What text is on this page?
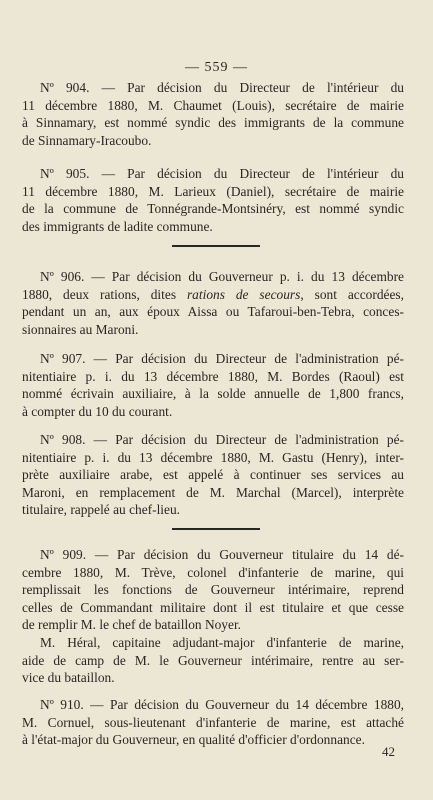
— 559 —
Nº 904. — Par décision du Directeur de l'intérieur du
11 décembre 1880, M. Chaumet (Louis), secrétaire de mairie
à Sinnamary, est nommé syndic des immigrants de la commune
de Sinnamary-Iracoubo.
Nº 905. — Par décision du Directeur de l'intérieur du
11 décembre 1880, M. Larieux (Daniel), secrétaire de mairie
de la commune de Tonnégrande-Montsinéry, est nommé syndic
des immigrants de ladite commune.
Nº 906. — Par décision du Gouverneur p. i. du 13 décembre
1880, deux rations, dites rations de secours, sont accordées,
pendant un an, aux époux Aissa ou Tafaroui-ben-Tebra, conces-
sionnaires au Maroni.
Nº 907. — Par décision du Directeur de l'administration pé-
nitentiaire p. i. du 13 décembre 1880, M. Bordes (Raoul) est
nommé écrivain auxiliaire, à la solde annuelle de 1,800 francs,
à compter du 10 du courant.
Nº 908. — Par décision du Directeur de l'administration pé-
nitentiaire p. i. du 13 décembre 1880, M. Gastu (Henry), inter-
prète auxiliaire arabe, est appelé à continuer ses services au
Maroni, en remplacement de M. Marchal (Marcel), interprète
titulaire, rappelé au chef-lieu.
Nº 909. — Par décision du Gouverneur titulaire du 14 dé-
cembre 1880, M. Trève, colonel d'infanterie de marine, qui
remplissait les fonctions de Gouverneur intérimaire, reprend
celles de Commandant militaire dont il est titulaire et que cesse
de remplir M. le chef de bataillon Noyer.
M. Héral, capitaine adjudant-major d'infanterie de marine,
aide de camp de M. le Gouverneur intérimaire, rentre au ser-
vice du bataillon.
Nº 910. — Par décision du Gouverneur du 14 décembre 1880,
M. Cornuel, sous-lieutenant d'infanterie de marine, est attaché
à l'état-major du Gouverneur, en qualité d'officier d'ordonnance.
42
